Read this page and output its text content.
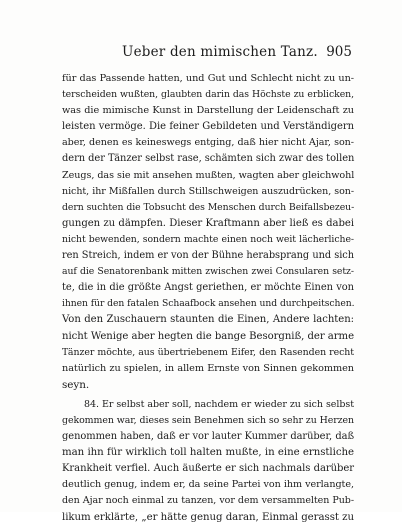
Ueber den mimischen Tanz. 905
für das Passende hatten, und Gut und Schlecht nicht zu un-
terscheiden wußten, glaubten darin das Höchste zu erblicken,
was die mimische Kunst in Darstellung der Leidenschaft zu
leisten vermöge. Die feiner Gebildeten und Verständigern
aber, denen es keineswegs entging, daß hier nicht Ajar, son-
dern der Tänzer selbst rase, schämten sich zwar des tollen
Zeugs, das sie mit ansehen mußten, wagten aber gleichwohl
nicht, ihr Mißfallen durch Stillschweigen auszudrücken, son-
dern suchten die Tobsucht des Menschen durch Beifallsbezeu-
gungen zu dämpfen. Dieser Kraftmann aber ließ es dabei
nicht bewenden, sondern machte einen noch weit lächerliche-
ren Streich, indem er von der Bühne herabsprang und sich
auf die Senatorenbank mitten zwischen zwei Consularen setz-
te, die in die größte Angst geriethen, er möchte Einen von
ihnen für den fatalen Schaafbock ansehen und durchpeitschen.
Von den Zuschauern staunten die Einen, Andere lachten:
nicht Wenige aber hegten die bange Besorgniß, der arme
Tänzer möchte, aus übertriebenem Eifer, den Rasenden recht
natürlich zu spielen, in allem Ernste von Sinnen gekommen
seyn.
84. Er selbst aber soll, nachdem er wieder zu sich selbst
gekommen war, dieses sein Benehmen sich so sehr zu Herzen
genommen haben, daß er vor lauter Kummer darüber, daß
man ihn für wirklich toll halten mußte, in eine ernstliche
Krankheit verfiel. Auch äußerte er sich nachmals darüber
deutlich genug, indem er, da seine Partei von ihm verlangte,
den Ajar noch einmal zu tanzen, vor dem versammelten Pub-
likum erklärte, „er hätte genug daran, Einmal gerasst zu
